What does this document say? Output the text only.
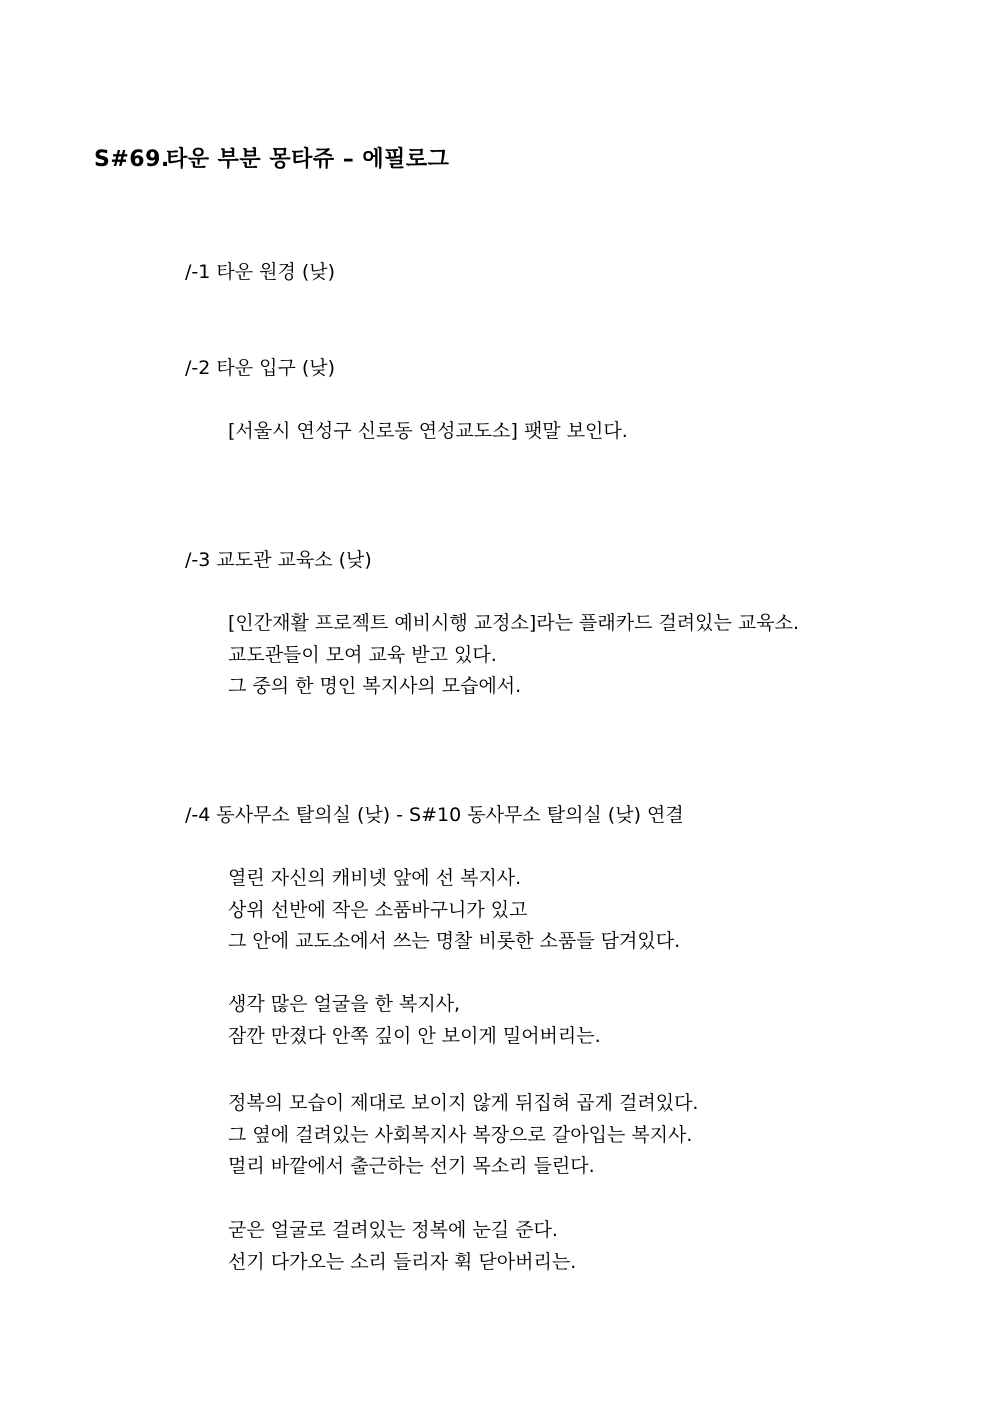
S#69.타운 부분 몽타쥬 – 에필로그
/-1 타운 원경 (낮)
/-2 타운 입구 (낮)
[서울시 연성구 신로동 연성교도소] 팻말 보인다.
/-3 교도관 교육소 (낮)
[인간재활 프로젝트 예비시행 교정소]라는 플래카드 걸려있는 교육소.
교도관들이 모여 교육 받고 있다.
그 중의 한 명인 복지사의 모습에서.
/-4 동사무소 탈의실 (낮) - S#10 동사무소 탈의실 (낮) 연결
열린 자신의 캐비넷 앞에 선 복지사.
상위 선반에 작은 소품바구니가 있고
그 안에 교도소에서 쓰는 명찰 비롯한 소품들 담겨있다.
생각 많은 얼굴을 한 복지사,
잠깐 만졌다 안쪽 깊이 안 보이게 밀어버리는.
정복의 모습이 제대로 보이지 않게 뒤집혀 곱게 걸려있다.
그 옆에 걸려있는 사회복지사 복장으로 갈아입는 복지사.
멀리 바깥에서 출근하는 선기 목소리 들린다.
굳은 얼굴로 걸려있는 정복에 눈길 준다.
선기 다가오는 소리 들리자 휙 닫아버리는.
